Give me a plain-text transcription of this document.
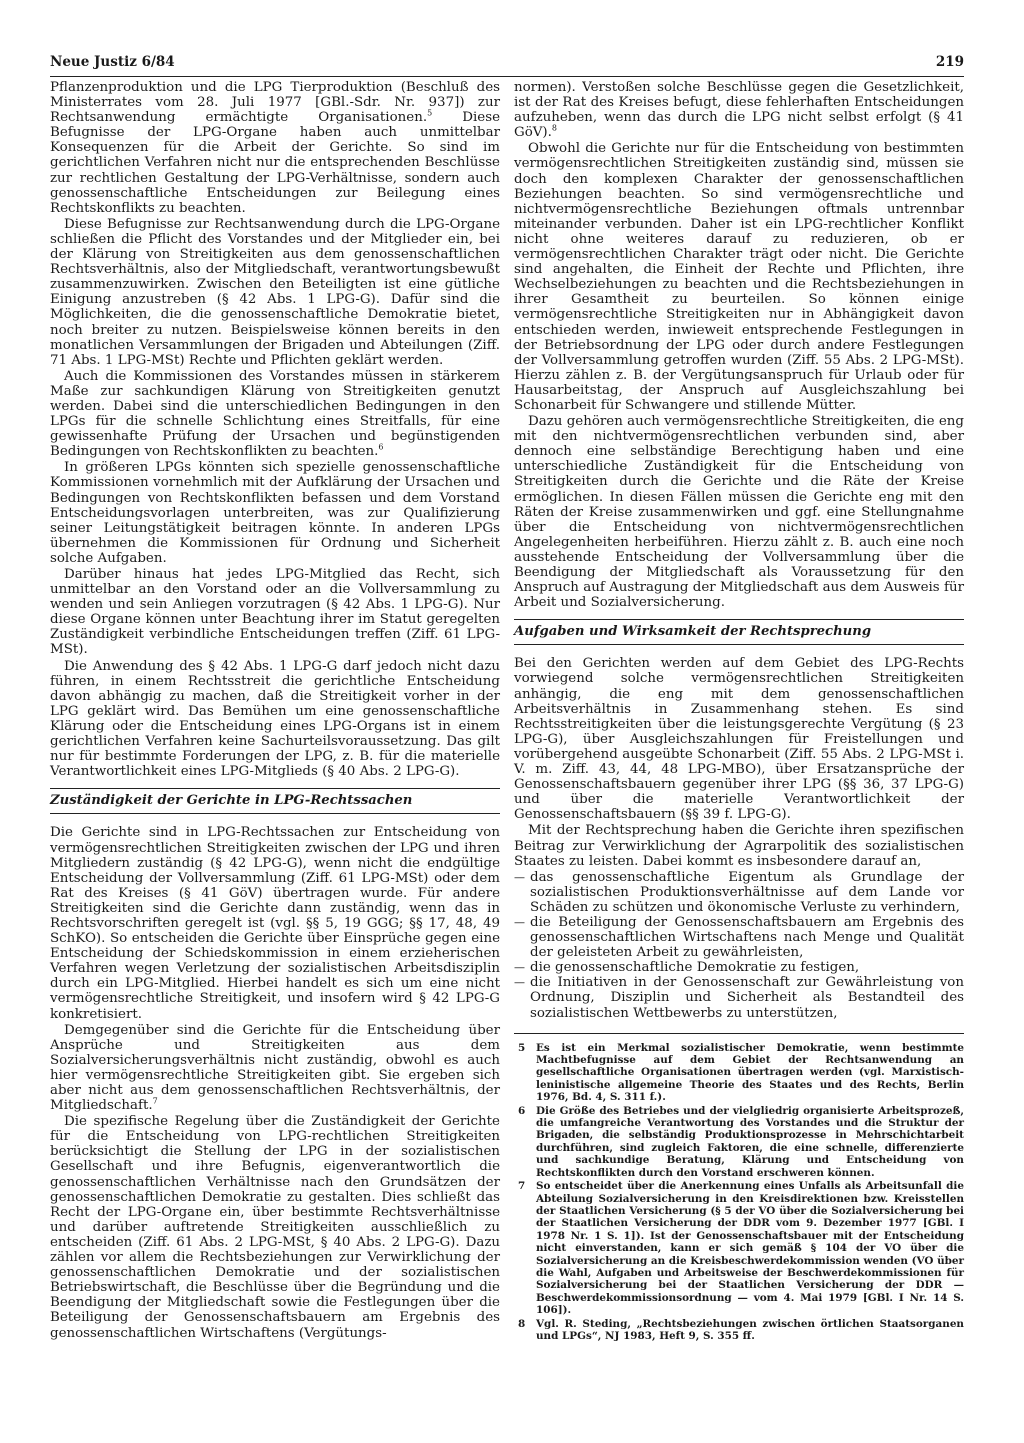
Neue Justiz 6/84	219

Pflanzenproduktion und die LPG Tierproduktion (Beschluß des Ministerrates vom 28. Juli 1977 [GBl.-Sdr. Nr. 937]) zur Rechtsanwendung ermächtigte Organisationen.$^5$ Diese Befugnisse der LPG-Organe haben auch unmittelbar Konsequenzen für die Arbeit der Gerichte. So sind im gerichtlichen Verfahren nicht nur die entsprechenden Beschlüsse zur rechtlichen Gestaltung der LPG-Verhältnisse, sondern auch genossenschaftliche Entscheidungen zur Beilegung eines Rechtskonflikts zu beachten.

Diese Befugnisse zur Rechtsanwendung durch die LPG-Organe schließen die Pflicht des Vorstandes und der Mitglieder ein, bei der Klärung von Streitigkeiten aus dem genossenschaftlichen Rechtsverhältnis, also der Mitgliedschaft, verantwortungsbewußt zusammenzuwirken. Zwischen den Beteiligten ist eine gütliche Einigung anzustreben (§ 42 Abs. 1 LPG-G). Dafür sind die Möglichkeiten, die die genossenschaftliche Demokratie bietet, noch breiter zu nutzen. Beispielsweise können bereits in den monatlichen Versammlungen der Brigaden und Abteilungen (Ziff. 71 Abs. 1 LPG-MSt) Rechte und Pflichten geklärt werden.

Auch die Kommissionen des Vorstandes müssen in stärkerem Maße zur sachkundigen Klärung von Streitigkeiten genutzt werden. Dabei sind die unterschiedlichen Bedingungen in den LPGs für die schnelle Schlichtung eines Streitfalls, für eine gewissenhafte Prüfung der Ursachen und begünstigenden Bedingungen von Rechtskonflikten zu beachten.$^6$

In größeren LPGs könnten sich spezielle genossenschaftliche Kommissionen vornehmlich mit der Aufklärung der Ursachen und Bedingungen von Rechtskonflikten befassen und dem Vorstand Entscheidungsvorlagen unterbreiten, was zur Qualifizierung seiner Leitungstätigkeit beitragen könnte. In anderen LPGs übernehmen die Kommissionen für Ordnung und Sicherheit solche Aufgaben.

Darüber hinaus hat jedes LPG-Mitglied das Recht, sich unmittelbar an den Vorstand oder an die Vollversammlung zu wenden und sein Anliegen vorzutragen (§ 42 Abs. 1 LPG-G). Nur diese Organe können unter Beachtung ihrer im Statut geregelten Zuständigkeit verbindliche Entscheidungen treffen (Ziff. 61 LPG-MSt).

Die Anwendung des § 42 Abs. 1 LPG-G darf jedoch nicht dazu führen, in einem Rechtsstreit die gerichtliche Entscheidung davon abhängig zu machen, daß die Streitigkeit vorher in der LPG geklärt wird. Das Bemühen um eine genossenschaftliche Klärung oder die Entscheidung eines LPG-Organs ist in einem gerichtlichen Verfahren keine Sachurteilsvoraussetzung. Das gilt nur für bestimmte Forderungen der LPG, z. B. für die materielle Verantwortlichkeit eines LPG-Mitglieds (§ 40 Abs. 2 LPG-G).

Zuständigkeit der Gerichte in LPG-Rechtssachen

Die Gerichte sind in LPG-Rechtssachen zur Entscheidung von vermögensrechtlichen Streitigkeiten zwischen der LPG und ihren Mitgliedern zuständig (§ 42 LPG-G), wenn nicht die endgültige Entscheidung der Vollversammlung (Ziff. 61 LPG-MSt) oder dem Rat des Kreises (§ 41 GöV) übertragen wurde. Für andere Streitigkeiten sind die Gerichte dann zuständig, wenn das in Rechtsvorschriften geregelt ist (vgl. §§ 5, 19 GGG; §§ 17, 48, 49 SchKO). So entscheiden die Gerichte über Einsprüche gegen eine Entscheidung der Schiedskommission in einem erzieherischen Verfahren wegen Verletzung der sozialistischen Arbeitsdisziplin durch ein LPG-Mitglied. Hierbei handelt es sich um eine nicht vermögensrechtliche Streitigkeit, und insofern wird § 42 LPG-G konkretisiert.

Demgegenüber sind die Gerichte für die Entscheidung über Ansprüche und Streitigkeiten aus dem Sozialversicherungsverhältnis nicht zuständig, obwohl es auch hier vermögensrechtliche Streitigkeiten gibt. Sie ergeben sich aber nicht aus dem genossenschaftlichen Rechtsverhältnis, der Mitgliedschaft.$^7$

Die spezifische Regelung über die Zuständigkeit der Gerichte für die Entscheidung von LPG-rechtlichen Streitigkeiten berücksichtigt die Stellung der LPG in der sozialistischen Gesellschaft und ihre Befugnis, eigenverantwortlich die genossenschaftlichen Verhältnisse nach den Grundsätzen der genossenschaftlichen Demokratie zu gestalten. Dies schließt das Recht der LPG-Organe ein, über bestimmte Rechtsverhältnisse und darüber auftretende Streitigkeiten ausschließlich zu entscheiden (Ziff. 61 Abs. 2 LPG-MSt, § 40 Abs. 2 LPG-G). Dazu zählen vor allem die Rechtsbeziehungen zur Verwirklichung der genossenschaftlichen Demokratie und der sozialistischen Betriebswirtschaft, die Beschlüsse über die Begründung und die Beendigung der Mitgliedschaft sowie die Festlegungen über die Beteiligung der Genossenschaftsbauern am Ergebnis des genossenschaftlichen Wirtschaftens (Vergütungs-

normen). Verstoßen solche Beschlüsse gegen die Gesetzlichkeit, ist der Rat des Kreises befugt, diese fehlerhaften Entscheidungen aufzuheben, wenn das durch die LPG nicht selbst erfolgt (§ 41 GöV).$^8$

Obwohl die Gerichte nur für die Entscheidung von bestimmten vermögensrechtlichen Streitigkeiten zuständig sind, müssen sie doch den komplexen Charakter der genossenschaftlichen Beziehungen beachten. So sind vermögensrechtliche und nichtvermögensrechtliche Beziehungen oftmals untrennbar miteinander verbunden. Daher ist ein LPG-rechtlicher Konflikt nicht ohne weiteres darauf zu reduzieren, ob er vermögensrechtlichen Charakter trägt oder nicht. Die Gerichte sind angehalten, die Einheit der Rechte und Pflichten, ihre Wechselbeziehungen zu beachten und die Rechtsbeziehungen in ihrer Gesamtheit zu beurteilen. So können einige vermögensrechtliche Streitigkeiten nur in Abhängigkeit davon entschieden werden, inwieweit entsprechende Festlegungen in der Betriebsordnung der LPG oder durch andere Festlegungen der Vollversammlung getroffen wurden (Ziff. 55 Abs. 2 LPG-MSt). Hierzu zählen z. B. der Vergütungsanspruch für Urlaub oder für Hausarbeitstag, der Anspruch auf Ausgleichszahlung bei Schonarbeit für Schwangere und stillende Mütter.

Dazu gehören auch vermögensrechtliche Streitigkeiten, die eng mit den nichtvermögensrechtlichen verbunden sind, aber dennoch eine selbständige Berechtigung haben und eine unterschiedliche Zuständigkeit für die Entscheidung von Streitigkeiten durch die Gerichte und die Räte der Kreise ermöglichen. In diesen Fällen müssen die Gerichte eng mit den Räten der Kreise zusammenwirken und ggf. eine Stellungnahme über die Entscheidung von nichtvermögensrechtlichen Angelegenheiten herbeiführen. Hierzu zählt z. B. auch eine noch ausstehende Entscheidung der Vollversammlung über die Beendigung der Mitgliedschaft als Voraussetzung für den Anspruch auf Austragung der Mitgliedschaft aus dem Ausweis für Arbeit und Sozialversicherung.

Aufgaben und Wirksamkeit der Rechtsprechung

Bei den Gerichten werden auf dem Gebiet des LPG-Rechts vorwiegend solche vermögensrechtlichen Streitigkeiten anhängig, die eng mit dem genossenschaftlichen Arbeitsverhältnis in Zusammenhang stehen. Es sind Rechtsstreitigkeiten über die leistungsgerechte Vergütung (§ 23 LPG-G), über Ausgleichszahlungen für Freistellungen und vorübergehend ausgeübte Schonarbeit (Ziff. 55 Abs. 2 LPG-MSt i. V. m. Ziff. 43, 44, 48 LPG-MBO), über Ersatzansprüche der Genossenschaftsbauern gegenüber ihrer LPG (§§ 36, 37 LPG-G) und über die materielle Verantwortlichkeit der Genossenschaftsbauern (§§ 39 f. LPG-G).

Mit der Rechtsprechung haben die Gerichte ihren spezifischen Beitrag zur Verwirklichung der Agrarpolitik des sozialistischen Staates zu leisten. Dabei kommt es insbesondere darauf an,

— das genossenschaftliche Eigentum als Grundlage der sozialistischen Produktionsverhältnisse auf dem Lande vor Schäden zu schützen und ökonomische Verluste zu verhindern,
— die Beteiligung der Genossenschaftsbauern am Ergebnis des genossenschaftlichen Wirtschaftens nach Menge und Qualität der geleisteten Arbeit zu gewährleisten,
— die genossenschaftliche Demokratie zu festigen,
— die Initiativen in der Genossenschaft zur Gewährleistung von Ordnung, Disziplin und Sicherheit als Bestandteil des sozialistischen Wettbewerbs zu unterstützen,
5 Es ist ein Merkmal sozialistischer Demokratie, wenn bestimmte Machtbefugnisse auf dem Gebiet der Rechtsanwendung an gesellschaftliche Organisationen übertragen werden (vgl. Marxistisch-leninistische allgemeine Theorie des Staates und des Rechts, Berlin 1976, Bd. 4, S. 311 f.).
6 Die Größe des Betriebes und der vielgliedrig organisierte Arbeitsprozeß, die umfangreiche Verantwortung des Vorstandes und die Struktur der Brigaden, die selbständig Produktionsprozesse in Mehrschichtarbeit durchführen, sind zugleich Faktoren, die eine schnelle, differenzierte und sachkundige Beratung, Klärung und Entscheidung von Rechtskonflikten durch den Vorstand erschweren können.
7 So entscheidet über die Anerkennung eines Unfalls als Arbeitsunfall die Abteilung Sozialversicherung in den Kreisdirektionen bzw. Kreisstellen der Staatlichen Versicherung (§ 5 der VO über die Sozialversicherung bei der Staatlichen Versicherung der DDR vom 9. Dezember 1977 [GBl. I 1978 Nr. 1 S. 1]). Ist der Genossenschaftsbauer mit der Entscheidung nicht einverstanden, kann er sich gemäß § 104 der VO über die Sozialversicherung an die Kreisbeschwerdekommission wenden (VO über die Wahl, Aufgaben und Arbeitsweise der Beschwerdekommissionen für Sozialversicherung bei der Staatlichen Versicherung der DDR — Beschwerdekommissionsordnung — vom 4. Mai 1979 [GBl. I Nr. 14 S. 106]).
8 Vgl. R. Steding, „Rechtsbeziehungen zwischen örtlichen Staatsorganen und LPGs“, NJ 1983, Heft 9, S. 355 ff.
